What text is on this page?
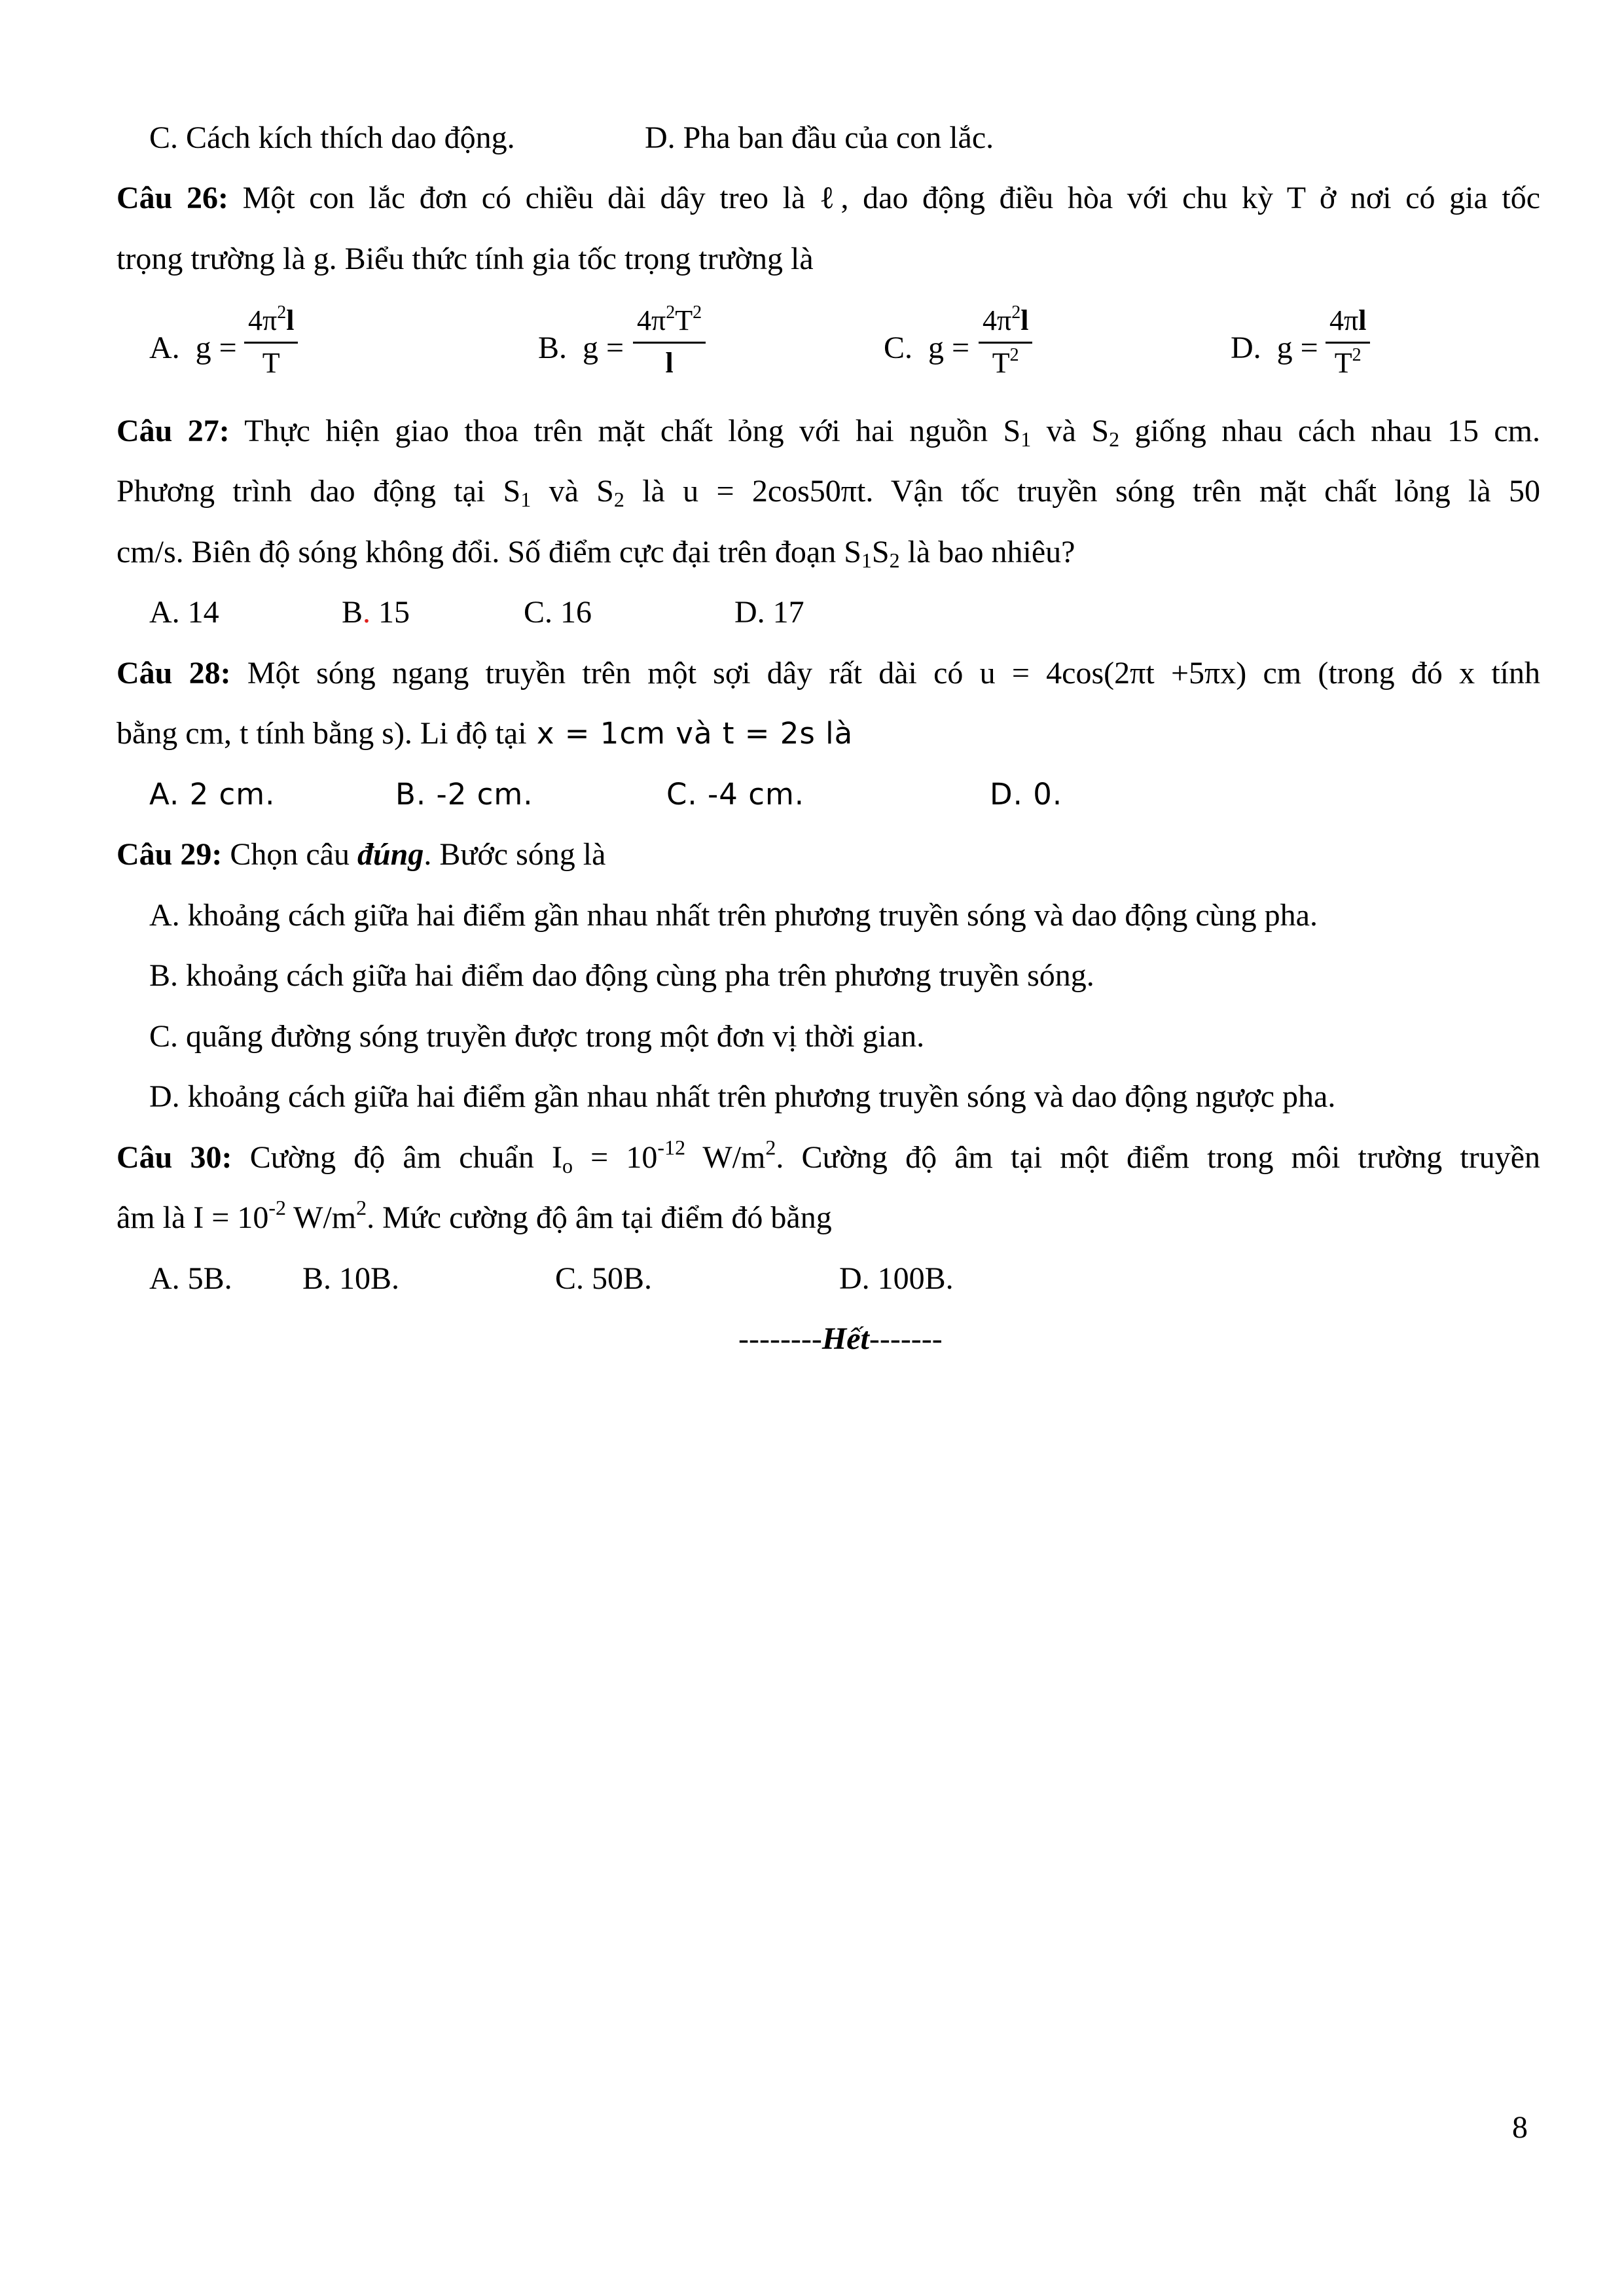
C. Cách kích thích dao động.	D. Pha ban đầu của con lắc.
Câu 26: Một con lắc đơn có chiều dài dây treo là ℓ, dao động điều hòa với chu kỳ T ở nơi có gia tốc
trọng trường là g. Biểu thức tính gia tốc trọng trường là
A. g =
$4\pi^2l$
T	B. g =
$4\pi^2T^2$
l	C. g =
$4\pi^2l$
$T^2$	D. g =
4πl
$T^2$
Câu 27: Thực hiện giao thoa trên mặt chất lỏng với hai nguồn $S_1$ và $S_2$ giống nhau cách nhau 15 cm.
Phương trình dao động tại $S_1$ và $S_2$ là u = 2cos50πt. Vận tốc truyền sóng trên mặt chất lỏng là 50
cm/s. Biên độ sóng không đổi. Số điểm cực đại trên đoạn $S_1S_2$ là bao nhiêu?
A. 14	B. 15	C. 16	D. 17
Câu 28: Một sóng ngang truyền trên một sợi dây rất dài có u = 4cos(2πt +5πx) cm (trong đó x tính
bằng cm, t tính bằng s). Li độ tại x = 1cm và t = 2s là
A. 2 cm.	B. -2 cm.	C. -4 cm.	D. 0.
Câu 29: Chọn câu đúng. Bước sóng là
A. khoảng cách giữa hai điểm gần nhau nhất trên phương truyền sóng và dao động cùng pha.
B. khoảng cách giữa hai điểm dao động cùng pha trên phương truyền sóng.
C. quãng đường sóng truyền được trong một đơn vị thời gian.
D. khoảng cách giữa hai điểm gần nhau nhất trên phương truyền sóng và dao động ngược pha.
Câu 30: Cường độ âm chuẩn $I_o = 10^{-12}$ $W/m^2$. Cường độ âm tại một điểm trong môi trường truyền
âm là $I = 10^{-2}$ $W/m^2$. Mức cường độ âm tại điểm đó bằng
A. 5B. B. 10B.	C. 50B.	D. 100B.
--------Hết-------
8
